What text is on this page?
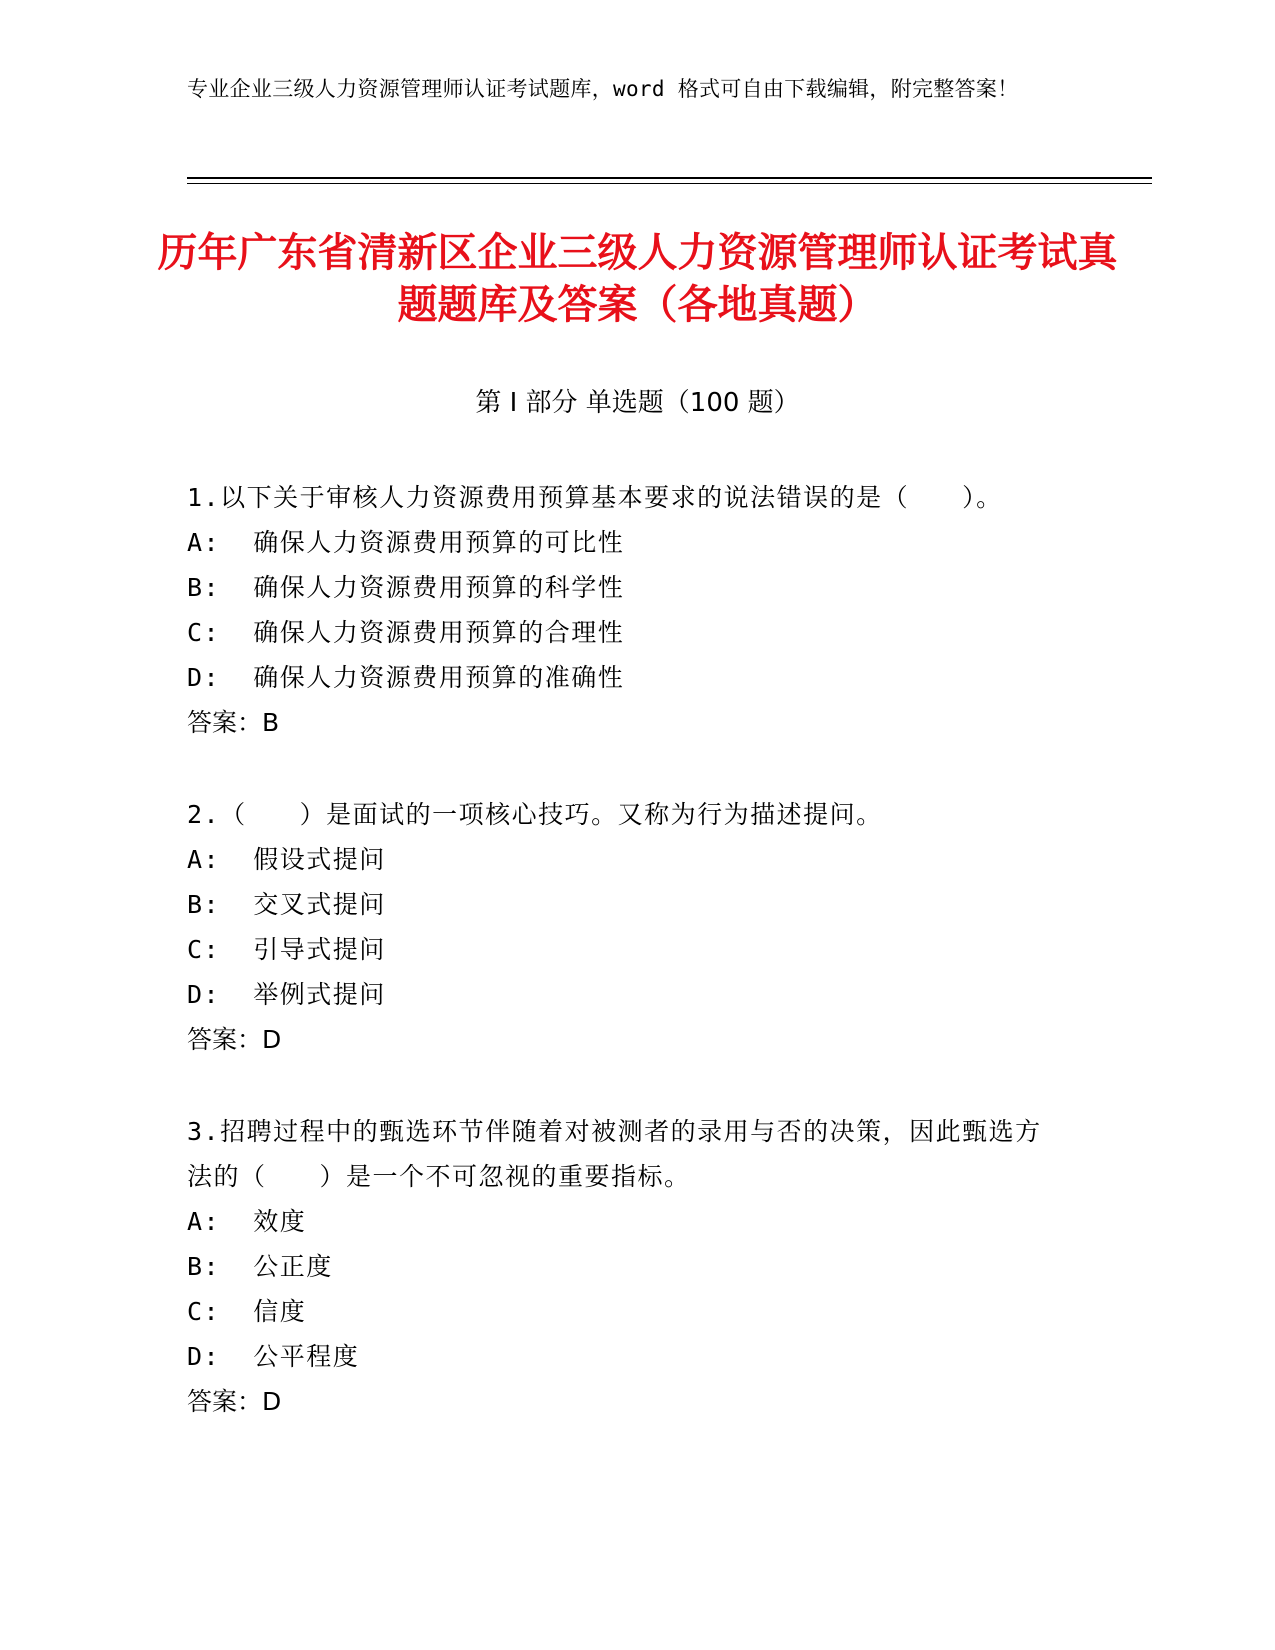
专业企业三级人力资源管理师认证考试题库，word 格式可自由下载编辑，附完整答案！
历年广东省清新区企业三级人力资源管理师认证考试真题题库及答案（各地真题）
第 I 部分 单选题（100 题）
1.以下关于审核人力资源费用预算基本要求的说法错误的是（　　）。
A:  确保人力资源费用预算的可比性
B:  确保人力资源费用预算的科学性
C:  确保人力资源费用预算的合理性
D:  确保人力资源费用预算的准确性
答案：B
2.（　　）是面试的一项核心技巧。又称为行为描述提问。
A:  假设式提问
B:  交叉式提问
C:  引导式提问
D:  举例式提问
答案：D
3.招聘过程中的甄选环节伴随着对被测者的录用与否的决策，因此甄选方法的（　　）是一个不可忽视的重要指标。
A:  效度
B:  公正度
C:  信度
D:  公平程度
答案：D
